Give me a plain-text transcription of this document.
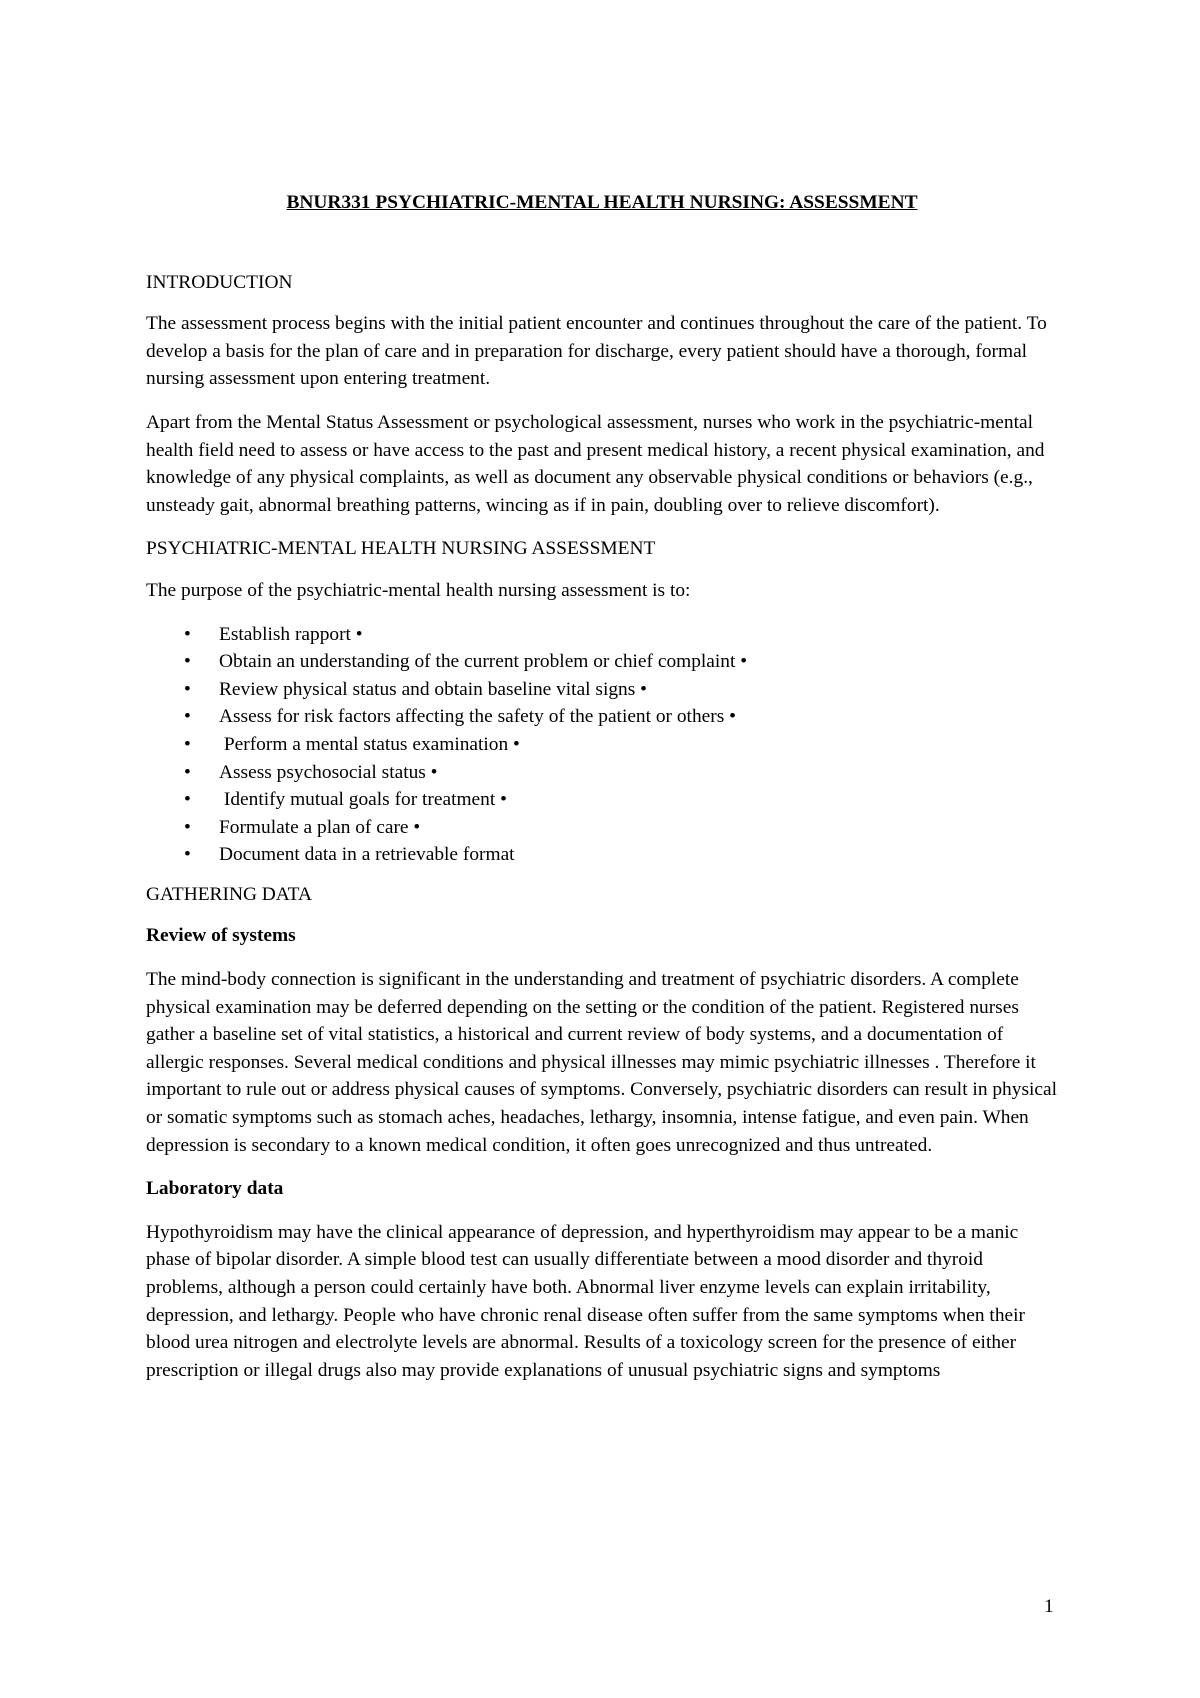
BNUR331 PSYCHIATRIC-MENTAL HEALTH NURSING: ASSESSMENT
INTRODUCTION

The assessment process begins with the initial patient encounter and continues throughout the care of the patient. To develop a basis for the plan of care and in preparation for discharge, every patient should have a thorough, formal nursing assessment upon entering treatment.

Apart from the Mental Status Assessment or psychological assessment, nurses who work in the psychiatric-mental health field need to assess or have access to the past and present medical history, a recent physical examination, and knowledge of any physical complaints, as well as document any observable physical conditions or behaviors (e.g., unsteady gait, abnormal breathing patterns, wincing as if in pain, doubling over to relieve discomfort).

PSYCHIATRIC-MENTAL HEALTH NURSING ASSESSMENT

The purpose of the psychiatric-mental health nursing assessment is to:

• Establish rapport •
• Obtain an understanding of the current problem or chief complaint •
• Review physical status and obtain baseline vital signs •
• Assess for risk factors affecting the safety of the patient or others •
• Perform a mental status examination •
• Assess psychosocial status •
• Identify mutual goals for treatment •
• Formulate a plan of care •
• Document data in a retrievable format
GATHERING DATA
Review of systems

The mind-body connection is significant in the understanding and treatment of psychiatric disorders. A complete physical examination may be deferred depending on the setting or the condition of the patient. Registered nurses gather a baseline set of vital statistics, a historical and current review of body systems, and a documentation of allergic responses. Several medical conditions and physical illnesses may mimic psychiatric illnesses . Therefore it important to rule out or address physical causes of symptoms. Conversely, psychiatric disorders can result in physical or somatic symptoms such as stomach aches, headaches, lethargy, insomnia, intense fatigue, and even pain. When depression is secondary to a known medical condition, it often goes unrecognized and thus untreated.

Laboratory data

Hypothyroidism may have the clinical appearance of depression, and hyperthyroidism may appear to be a manic phase of bipolar disorder. A simple blood test can usually differentiate between a mood disorder and thyroid problems, although a person could certainly have both. Abnormal liver enzyme levels can explain irritability, depression, and lethargy. People who have chronic renal disease often suffer from the same symptoms when their blood urea nitrogen and electrolyte levels are abnormal. Results of a toxicology screen for the presence of either prescription or illegal drugs also may provide explanations of unusual psychiatric signs and symptoms

1
